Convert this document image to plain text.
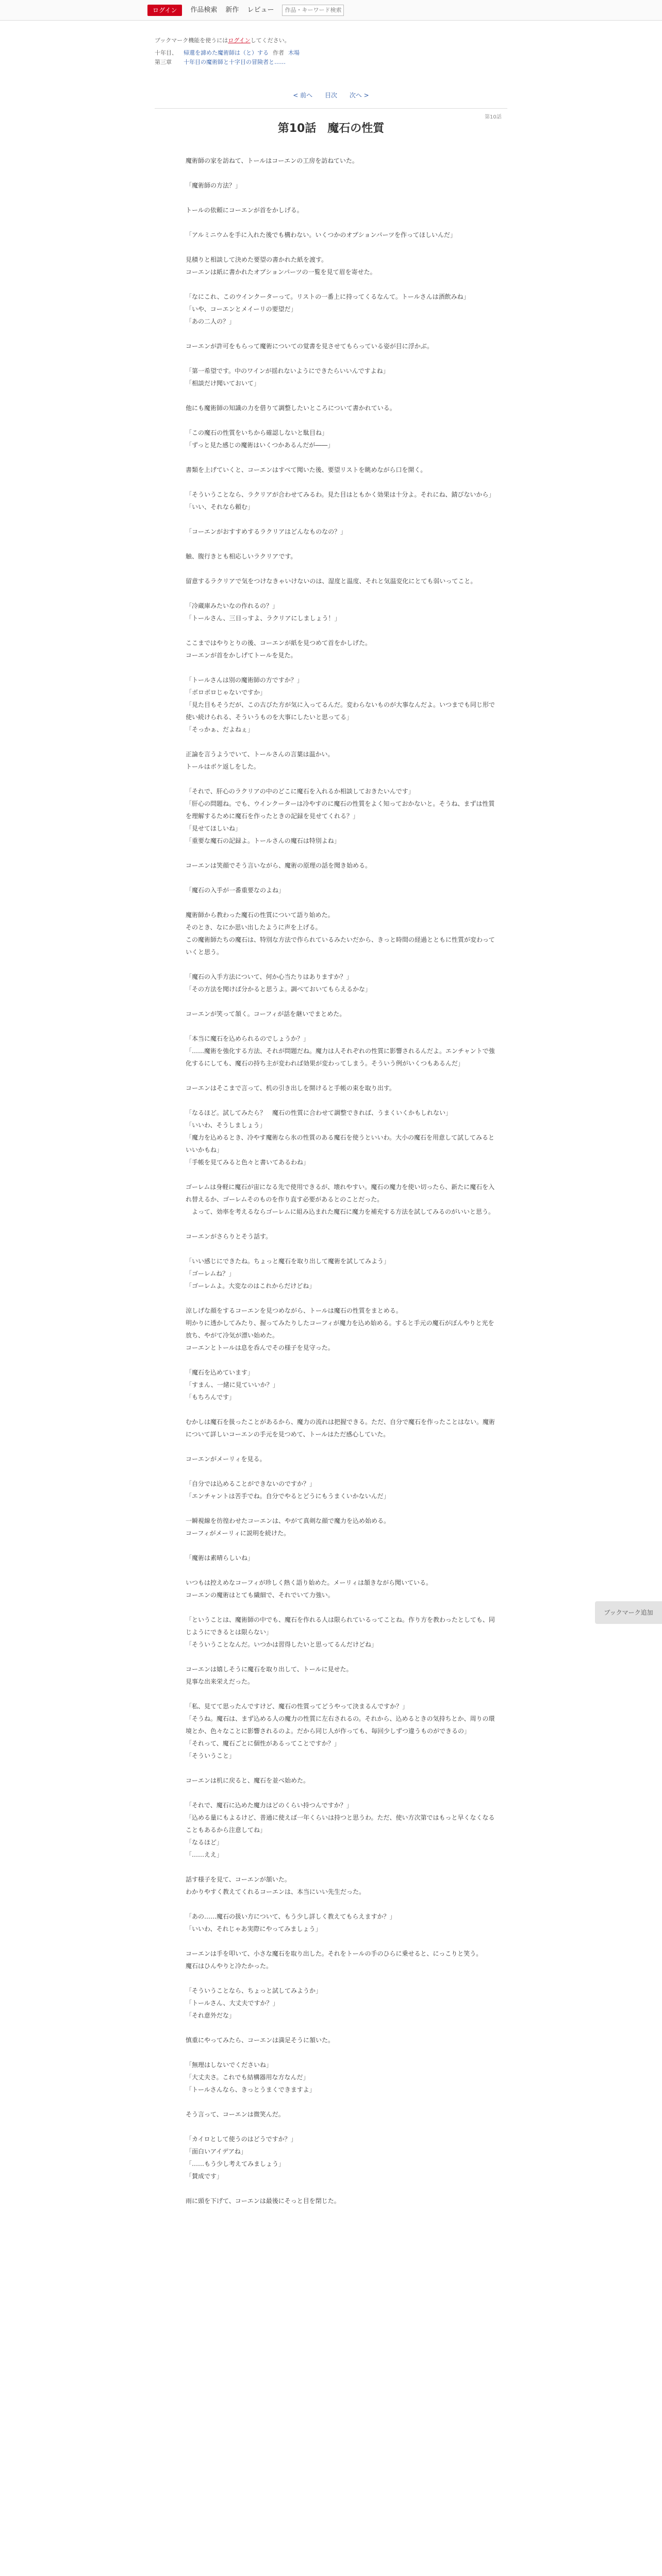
ログイン	作品検索 新作 レビュー
作品・キーワード検索
ブックマーク機能を使うにはログインしてください。
十年目、	帰還を諦めた魔術師は（と）する 作者 木場
第三章	十年目の魔術師と十字目の冒険者と……
< 前へ 目次 次へ >
第10話
第10話　魔石の性質

魔術師の家を訪ねて、トールはコーエンの工房を訪ねていた。

「魔術師の方法？」

トールの依頼にコーエンが首をかしげる。

「アルミニウムを手に入れた後でも構わない。いくつかのオプションパーツを作ってほしいんだ」

見積りと相談して決めた要望の書かれた紙を渡す。
コーエンは紙に書かれたオプションパーツの一覧を見て眉を寄せた。

「なにこれ、このウインクーターって。リストの一番上に持ってくるなんて。トールさんは酒飲みね」
「いや、コーエンとメイーリの要望だ」
「あの二人の？」

コーエンが許可をもらって魔術についての覚書を見させてもらっている姿が目に浮かぶ。

「第一希望です。中のワインが揺れないようにできたらいいんですよね」
「相談だけ聞いておいて」

他にも魔術師の知識の力を借りて調整したいところについて書かれている。

「この魔石の性質をいちから確認しないと駄目ね」
「ずっと見た感じの魔術はいくつかあるんだが――」

書類を上げていくと、コーエンはすべて聞いた後、要望リストを眺めながら口を開く。

「そういうことなら、ラクリアが合わせてみるわ。見た目はともかく効果は十分よ。それにね、錆びないから」
「いい、それなら頼む」

「コーエンがおすすめするラクリアはどんなものなの？」

触、腹行きとも相応しいラクリアです。

留意するラクリアで気をつけなきゃいけないのは、湿度と温度、それと気温変化にとても弱いってこと。

「冷蔵庫みたいなの作れるの？」
「トールさん、三日っすよ、ラクリアにしましょう！」

ここまではやりとりの後、コーエンが紙を見つめて首をかしげた。
コーエンが首をかしげてトールを見た。

「トールさんは別の魔術師の方ですか？」
「ボロボロじゃないですか」
「見た目もそうだが、この古びた方が気に入ってるんだ。変わらないものが大事なんだよ。いつまでも同じ形で使い続けられる、そういうものを大事にしたいと思ってる」
「そっかぁ、だよねぇ」

正論を言うようでいて、トールさんの言葉は温かい。
トールはボケ返しをした。

「それで、肝心のラクリアの中のどこに魔石を入れるか相談しておきたいんです」
「肝心の問題ね。でも、ウインクーターは冷やすのに魔石の性質をよく知っておかないと。そうね、まずは性質を理解するために魔石を作ったときの記録を見せてくれる？」
「見せてほしいね」
「重要な魔石の記録よ。トールさんの魔石は特別よね」

コーエンは笑顔でそう言いながら、魔術の原理の話を聞き始める。

「魔石の入手が一番重要なのよね」

魔術師から教わった魔石の性質について語り始めた。
そのとき、なにか思い出したように声を上げる。
この魔術師たちの魔石は、特別な方法で作られているみたいだから、きっと時間の経過とともに性質が変わっていくと思う。

「魔石の入手方法について、何か心当たりはありますか？」
「その方法を聞けば分かると思うよ。調べておいてもらえるかな」

コーエンが笑って頷く。コーフィが話を継いでまとめた。

「本当に魔石を込められるのでしょうか？」
「……魔術を強化する方法、それが問題だね。魔力は人それぞれの性質に影響されるんだよ。エンチャントで強化するにしても、魔石の持ち主が変われば効果が変わってしまう。そういう例がいくつもあるんだ」

コーエンはそこまで言って、机の引き出しを開けると手帳の束を取り出す。

「なるほど。試してみたら？　魔石の性質に合わせて調整できれば、うまくいくかもしれない」
「いいわ、そうしましょう」
「魔力を込めるとき、冷やす魔術なら氷の性質のある魔石を使うといいわ。大小の魔石を用意して試してみるといいかもね」
「手帳を見てみると色々と書いてあるわね」

ゴーレムは身軽に魔石が宙になる先で使用できるが、壊れやすい。魔石の魔力を使い切ったら、新たに魔石を入れ替えるか、ゴーレムそのものを作り直す必要があるとのことだった。
　よって、効率を考えるならゴーレムに組み込まれた魔石に魔力を補充する方法を試してみるのがいいと思う。

コーエンがさらりとそう話す。

「いい感じにできたね。ちょっと魔石を取り出して魔術を試してみよう」
「ゴーレムね？」
「ゴーレムよ。大変なのはこれからだけどね」

涼しげな顔をするコーエンを見つめながら、トールは魔石の性質をまとめる。
明かりに透かしてみたり、握ってみたりしたコーフィが魔力を込め始める。すると手元の魔石がぼんやりと光を放ち、やがて冷気が漂い始めた。
コーエンとトールは息を呑んでその様子を見守った。

「魔石を込めています」
「すまん、一緒に見ていいか？」
「もちろんです」

むかしは魔石を扱ったことがあるから、魔力の流れは把握できる。ただ、自分で魔石を作ったことはない。魔術について詳しいコーエンの手元を見つめて、トールはただ感心していた。

コーエンがメーリィを見る。

「自分では込めることができないのですか？」
「エンチャントは苦手でね。自分でやるとどうにもうまくいかないんだ」

一瞬視線を彷徨わせたコーエンは、やがて真剣な顔で魔力を込め始める。
コーフィがメーリィに説明を続けた。

「魔術は素晴らしいね」

いつもは控えめなコーフィが珍しく熱く語り始めた。メーリィは頷きながら聞いている。
コーエンの魔術はとても繊細で、それでいて力強い。

「ということは、魔術師の中でも、魔石を作れる人は限られているってことね。作り方を教わったとしても、同じようにできるとは限らない」
「そういうことなんだ。いつかは習得したいと思ってるんだけどね」

コーエンは嬉しそうに魔石を取り出して、トールに見せた。
見事な出来栄えだった。

「私、見てて思ったんですけど、魔石の性質ってどうやって決まるんですか？」
「そうね。魔石は、まず込める人の魔力の性質に左右されるの。それから、込めるときの気持ちとか、周りの環境とか、色々なことに影響されるのよ。だから同じ人が作っても、毎回少しずつ違うものができるの」
「それって、魔石ごとに個性があるってことですか？」
「そういうこと」

コーエンは机に戻ると、魔石を並べ始めた。

「それで、魔石に込めた魔力はどのくらい持つんですか？」
「込める量にもよるけど、普通に使えば一年くらいは持つと思うわ。ただ、使い方次第ではもっと早くなくなることもあるから注意してね」
「なるほど」
「……ええ」

話す様子を見て、コーエンが頷いた。
わかりやすく教えてくれるコーエンは、本当にいい先生だった。

「あの……魔石の扱い方について、もう少し詳しく教えてもらえますか？」
「いいわ、それじゃあ実際にやってみましょう」

コーエンは手を叩いて、小さな魔石を取り出した。それをトールの手のひらに乗せると、にっこりと笑う。
魔石はひんやりと冷たかった。

「そういうことなら、ちょっと試してみようか」
「トールさん、大丈夫ですか？」
「それ意外だな」

慎重にやってみたら、コーエンは満足そうに頷いた。

「無理はしないでくださいね」
「大丈夫さ。これでも結構器用な方なんだ」
「トールさんなら、きっとうまくできますよ」

そう言って、コーエンは微笑んだ。

「カイロとして使うのはどうですか？」
「面白いアイデアね」
「……もう少し考えてみましょう」
「賛成です」

雨に頭を下げて、コーエンは最後にそっと目を閉じた。

ブックマーク追加
